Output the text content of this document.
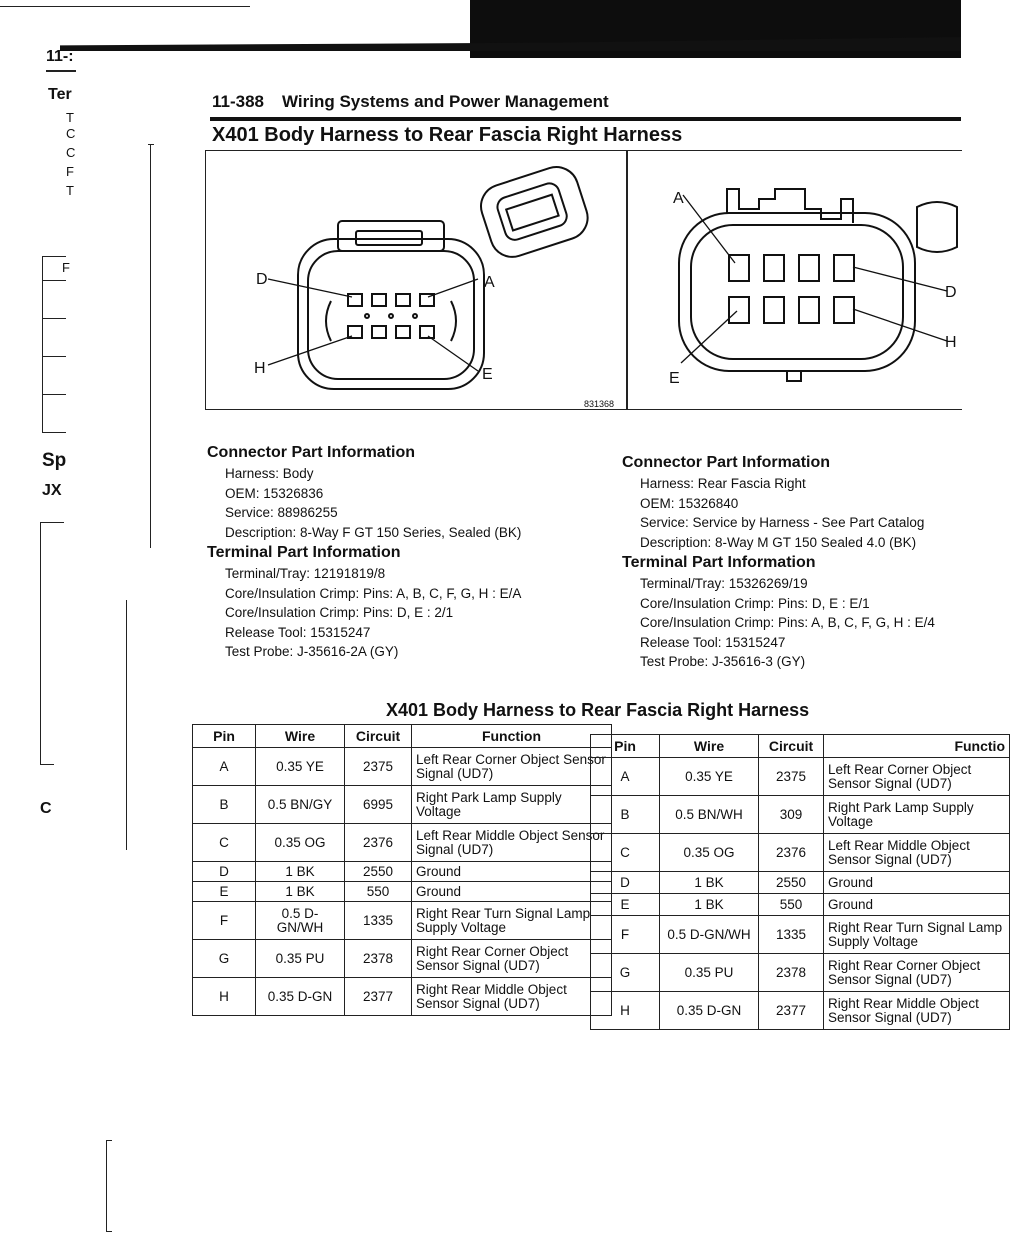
11-:
Ter
T
C
C
F
T
F
Sp
JX
C
11-388 Wiring Systems and Power Management
X401 Body Harness to Rear Fascia Right Harness
D	A
H	E
831368
A
D
E
H
Connector Part Information
Harness: Body
OEM: 15326836
Service: 88986255
Description: 8-Way F GT 150 Series, Sealed (BK)
Terminal Part Information
Terminal/Tray: 12191819/8
Core/Insulation Crimp: Pins: A, B, C, F, G, H : E/A
Core/Insulation Crimp: Pins: D, E : 2/1
Release Tool: 15315247
Test Probe: J-35616-2A (GY)
Connector Part Information
Harness: Rear Fascia Right
OEM: 15326840
Service: Service by Harness - See Part Catalog
Description: 8-Way M GT 150 Sealed 4.0 (BK)
Terminal Part Information
Terminal/Tray: 15326269/19
Core/Insulation Crimp: Pins: D, E : E/1
Core/Insulation Crimp: Pins: A, B, C, F, G, H : E/4
Release Tool: 15315247
Test Probe: J-35616-3 (GY)
X401 Body Harness to Rear Fascia Right Harness
Pin	Wire	Circuit	Function
A	0.35 YE	2375	Left Rear Corner Object Sensor Signal (UD7)
B	0.5 BN/GY	6995	Right Park Lamp Supply Voltage
C	0.35 OG	2376	Left Rear Middle Object Sensor Signal (UD7)
D	1 BK	2550	Ground
E	1 BK	550	Ground
F	0.5 D-GN/WH	1335	Right Rear Turn Signal Lamp Supply Voltage
G	0.35 PU	2378	Right Rear Corner Object Sensor Signal (UD7)
H	0.35 D-GN	2377	Right Rear Middle Object Sensor Signal (UD7)
Pin	Wire	Circuit	Functio
A	0.35 YE	2375	Left Rear Corner Object Sensor Signal (UD7)
B	0.5 BN/WH	309	Right Park Lamp Supply Voltage
C	0.35 OG	2376	Left Rear Middle Object Sensor Signal (UD7)
D	1 BK	2550	Ground
E	1 BK	550	Ground
F	0.5 D-GN/WH	1335	Right Rear Turn Signal Lamp Supply Voltage
G	0.35 PU	2378	Right Rear Corner Object Sensor Signal (UD7)
H	0.35 D-GN	2377	Right Rear Middle Object Sensor Signal (UD7)
